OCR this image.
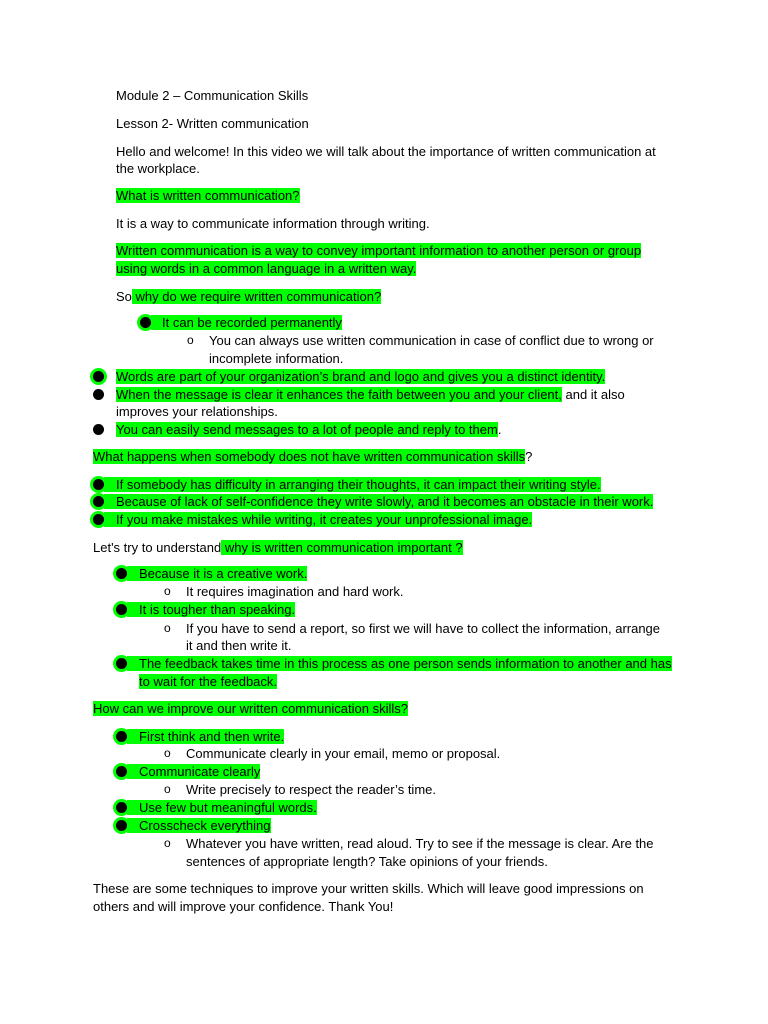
Module 2 – Communication Skills
Lesson 2- Written communication
Hello and welcome! In this video we will talk about the importance of written communication at
the workplace.
What is written communication?
It is a way to communicate information through writing.
Written communication is a way to convey important information to another person or group
using words in a common language in a written way.
So why do we require written communication?
It can be recorded permanently
o You can always use written communication in case of conflict due to wrong or
incomplete information.
Words are part of your organization’s brand and logo and gives you a distinct identity.
When the message is clear it enhances the faith between you and your client, and it also
improves your relationships.
You can easily send messages to a lot of people and reply to them.
What happens when somebody does not have written communication skills?
If somebody has difficulty in arranging their thoughts, it can impact their writing style.
Because of lack of self-confidence they write slowly, and it becomes an obstacle in their work.
If you make mistakes while writing, it creates your unprofessional image.
Let's try to understand why is written communication important ?
Because it is a creative work.
o It requires imagination and hard work.
It is tougher than speaking.
o If you have to send a report, so first we will have to collect the information, arrange
it and then write it.
The feedback takes time in this process as one person sends information to another and has
to wait for the feedback.
How can we improve our written communication skills?
First think and then write.
o Communicate clearly in your email, memo or proposal.
Communicate clearly
o Write precisely to respect the reader’s time.
Use few but meaningful words.
Crosscheck everything
o Whatever you have written, read aloud. Try to see if the message is clear. Are the
sentences of appropriate length? Take opinions of your friends.
These are some techniques to improve your written skills. Which will leave good impressions on
others and will improve your confidence. Thank You!
